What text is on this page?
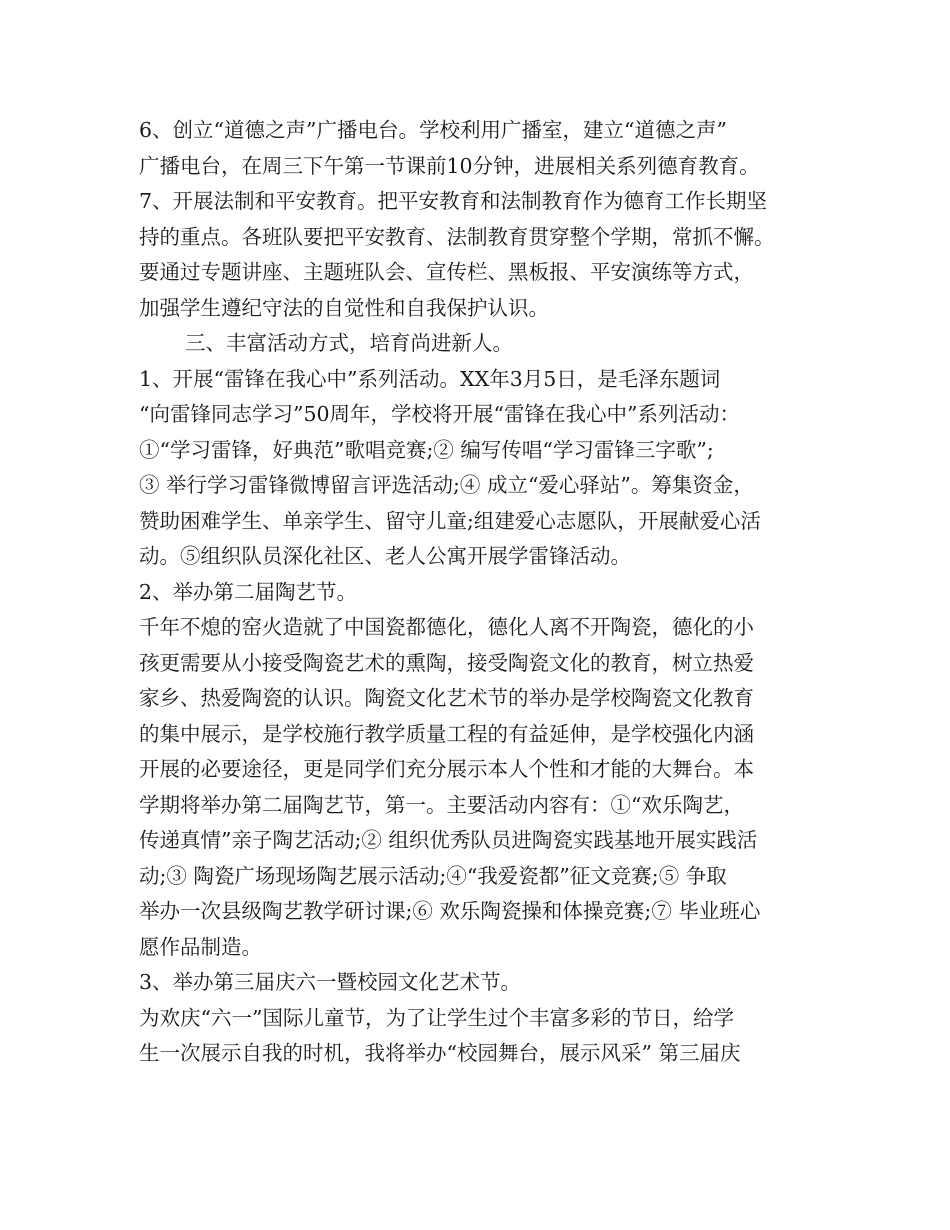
6、创立“道德之声”广播电台。学校利用广播室，建立“道德之声”
广播电台，在周三下午第一节课前10分钟，进展相关系列德育教育。
7、开展法制和平安教育。把平安教育和法制教育作为德育工作长期坚
持的重点。各班队要把平安教育、法制教育贯穿整个学期，常抓不懈。
要通过专题讲座、主题班队会、宣传栏、黑板报、平安演练等方式，
加强学生遵纪守法的自觉性和自我保护认识。
三、丰富活动方式，培育尚进新人。
1、开展“雷锋在我心中”系列活动。XX年3月5日，是毛泽东题词
“向雷锋同志学习”50周年，学校将开展“雷锋在我心中”系列活动：
①“学习雷锋，好典范”歌唱竞赛;② 编写传唱“学习雷锋三字歌”;
③ 举行学习雷锋微博留言评选活动;④ 成立“爱心驿站”。筹集资金，
赞助困难学生、单亲学生、留守儿童;组建爱心志愿队，开展献爱心活
动。⑤组织队员深化社区、老人公寓开展学雷锋活动。
2、举办第二届陶艺节。
千年不熄的窑火造就了中国瓷都德化，德化人离不开陶瓷，德化的小
孩更需要从小接受陶瓷艺术的熏陶，接受陶瓷文化的教育，树立热爱
家乡、热爱陶瓷的认识。陶瓷文化艺术节的举办是学校陶瓷文化教育
的集中展示，是学校施行教学质量工程的有益延伸，是学校强化内涵
开展的必要途径，更是同学们充分展示本人个性和才能的大舞台。本
学期将举办第二届陶艺节，第一。主要活动内容有：①“欢乐陶艺，
传递真情”亲子陶艺活动;② 组织优秀队员进陶瓷实践基地开展实践活
动;③ 陶瓷广场现场陶艺展示活动;④“我爱瓷都”征文竞赛;⑤ 争取
举办一次县级陶艺教学研讨课;⑥ 欢乐陶瓷操和体操竞赛;⑦ 毕业班心
愿作品制造。
3、举办第三届庆六一暨校园文化艺术节。
为欢庆“六一”国际儿童节，为了让学生过个丰富多彩的节日，给学
生一次展示自我的时机，我将举办“校园舞台，展示风采” 第三届庆
